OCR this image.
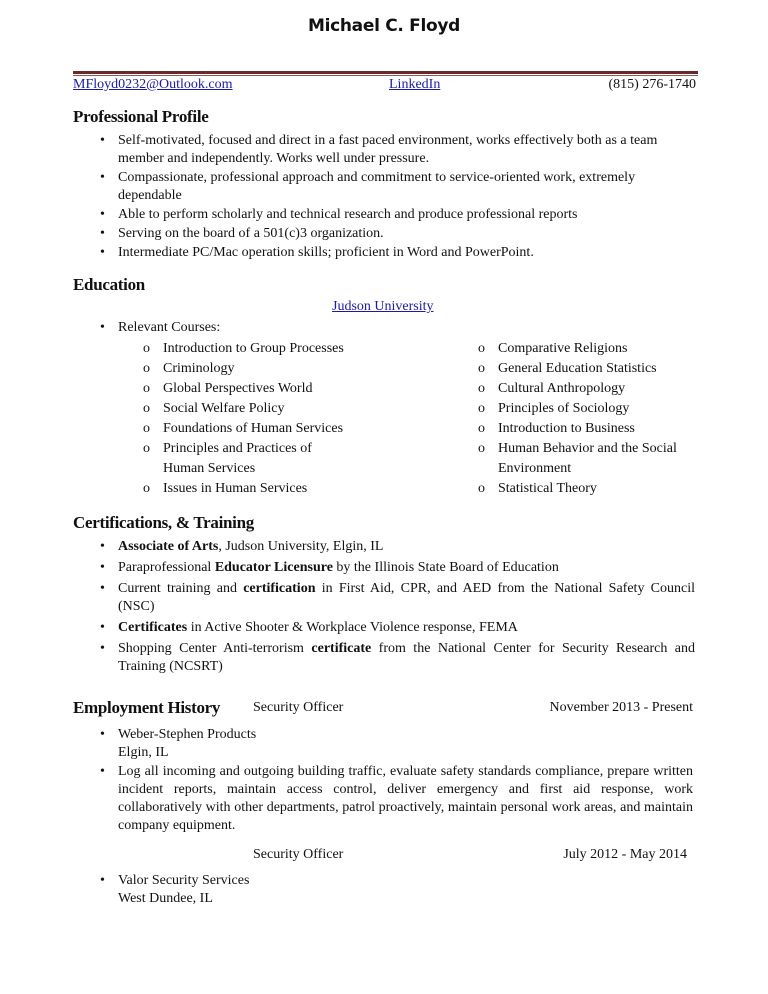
Michael C. Floyd
MFloyd0232@Outlook.com	LinkedIn	(815) 276-1740
Professional Profile
• Self-motivated, focused and direct in a fast paced environment, works effectively both as a team member and independently. Works well under pressure.
• Compassionate, professional approach and commitment to service-oriented work, extremely dependable
• Able to perform scholarly and technical research and produce professional reports
• Serving on the board of a 501(c)3 organization.
• Intermediate PC/Mac operation skills; proficient in Word and PowerPoint.
Education
Judson University
• Relevant Courses:
o Introduction to Group Processes
o Criminology
o Global Perspectives World
o Social Welfare Policy
o Foundations of Human Services
o Principles and Practices of
Human Services
o Issues in Human Services
o Comparative Religions
o General Education Statistics
o Cultural Anthropology
o Principles of Sociology
o Introduction to Business
o Human Behavior and the Social
Environment
o Statistical Theory
Certifications, & Training
• Associate of Arts, Judson University, Elgin, IL
• Paraprofessional Educator Licensure by the Illinois State Board of Education
• Current training and certification in First Aid, CPR, and AED from the National Safety Council (NSC)
• Certificates in Active Shooter & Workplace Violence response, FEMA
• Shopping Center Anti-terrorism certificate from the National Center for Security Research and Training (NCSRT)
Employment History Security Officer	November 2013 - Present
• Weber-Stephen Products
Elgin, IL
• Log all incoming and outgoing building traffic, evaluate safety standards compliance, prepare written incident reports, maintain access control, deliver emergency and first aid response, work collaboratively with other departments, patrol proactively, maintain personal work areas, and maintain company equipment.
Security Officer	July 2012 - May 2014
• Valor Security Services
West Dundee, IL
